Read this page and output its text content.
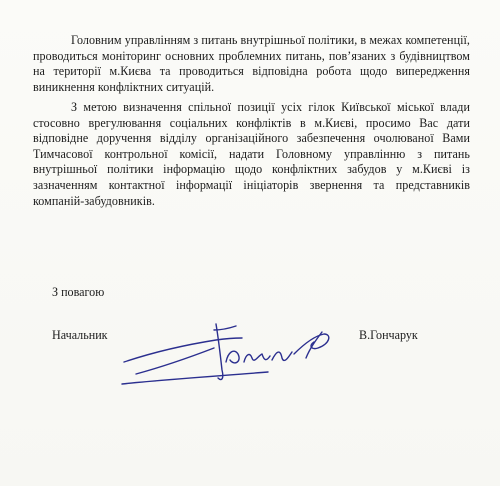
Головним управлінням з питань внутрішньої політики, в межах компетенції, проводиться моніторинг основних проблемних питань, пов’язаних з будівництвом на території м.Києва та проводиться відповідна робота щодо випередження виникнення конфліктних ситуацій.

З метою визначення спільної позиції усіх гілок Київської міської влади стосовно врегулювання соціальних конфліктів в м.Києві, просимо Вас дати відповідне доручення відділу організаційного забезпечення очолюваної Вами Тимчасової контрольної комісії, надати Головному управлінню з питань внутрішньої політики інформацію щодо конфліктних забудов у м.Києві із зазначенням контактної інформації ініціаторів звернення та представників компаній-забудовників.

З повагою
Начальник	В.Гончарук
